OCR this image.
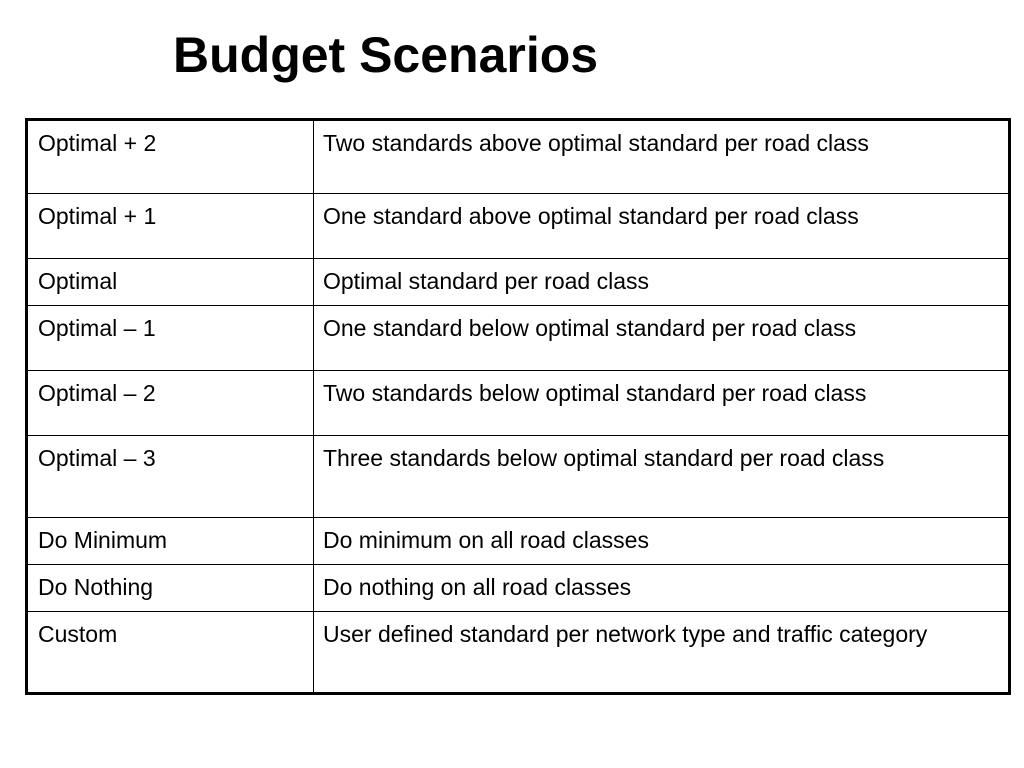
Budget Scenarios
Optimal + 2	Two standards above optimal standard per road class
Optimal + 1	One standard above optimal standard per road class
Optimal	Optimal standard per road class
Optimal – 1	One standard below optimal standard per road class
Optimal – 2	Two standards below optimal standard per road class
Optimal – 3	Three standards below optimal standard per road class
Do Minimum	Do minimum on all road classes
Do Nothing	Do nothing on all road classes
Custom	User defined standard per network type and traffic category
